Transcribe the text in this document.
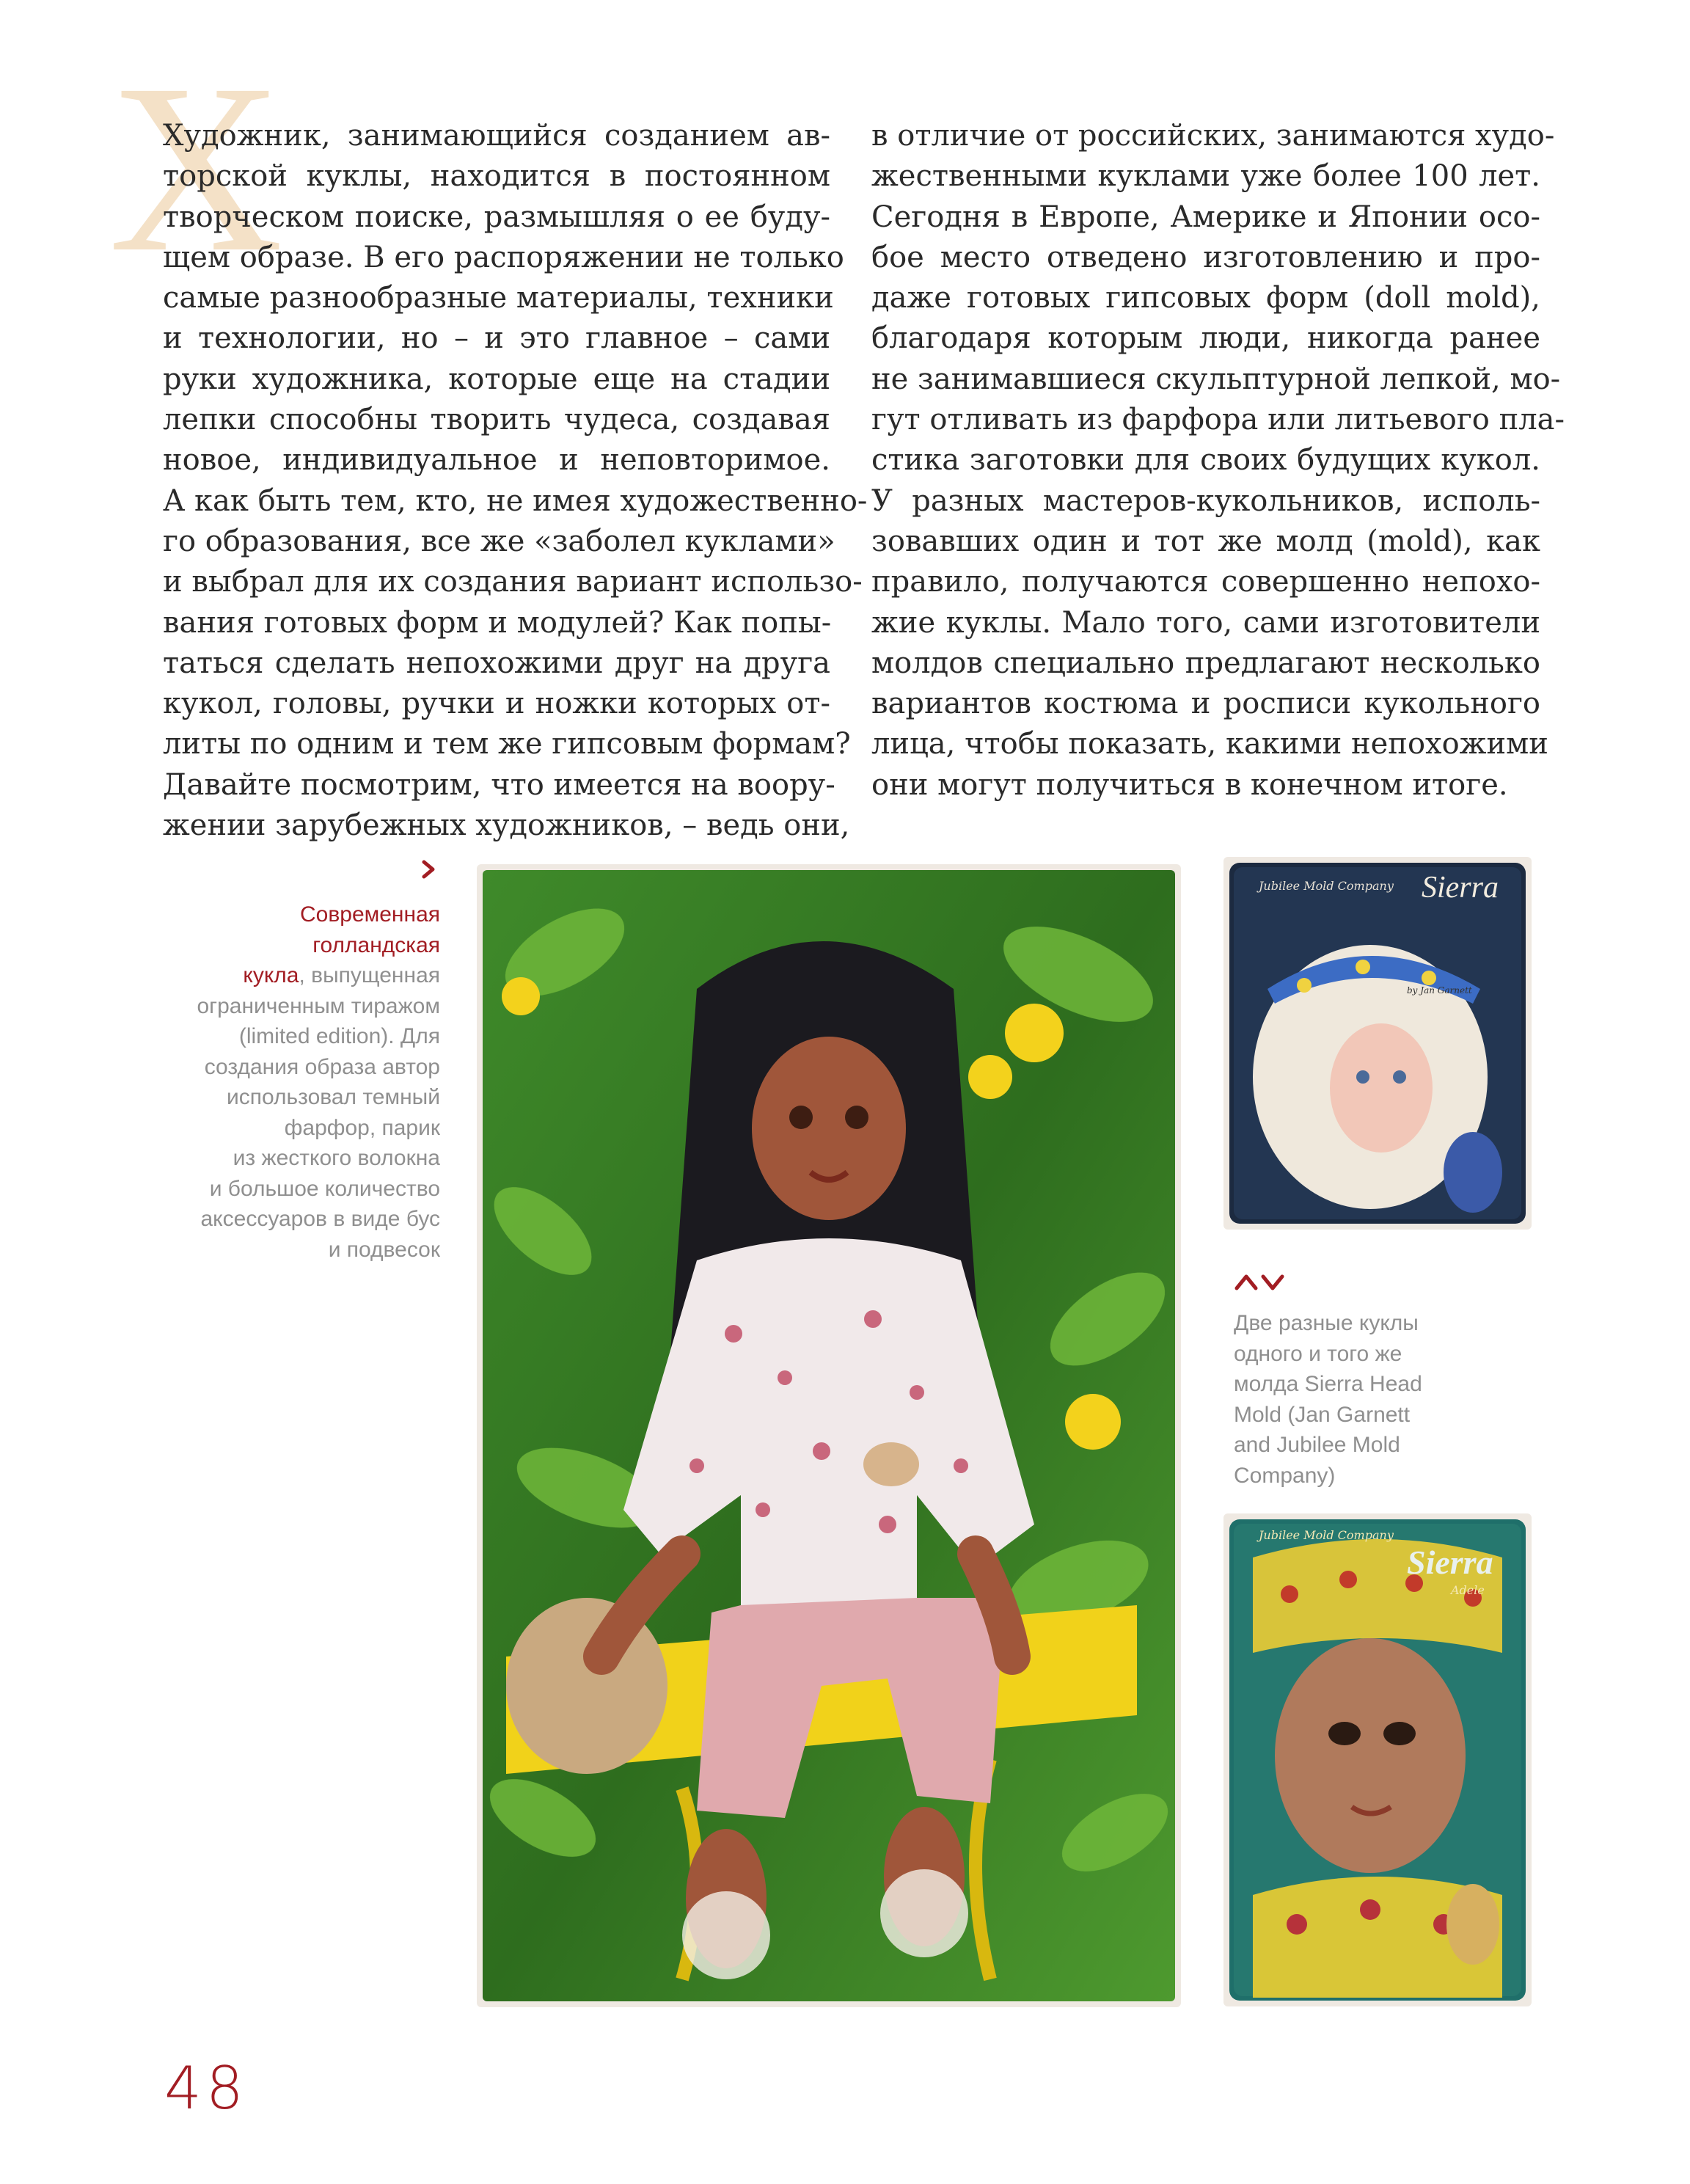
Х
Художник, занимающийся созданием ав-
торской куклы, находится в постоянном
творческом поиске, размышляя о ее буду-
щем образе. В его распоряжении не только
самые разнообразные материалы, техники
и технологии, но – и это главное – сами
руки художника, которые еще на стадии
лепки способны творить чудеса, создавая
новое, индивидуальное и неповторимое.
А как быть тем, кто, не имея художественно-
го образования, все же «заболел куклами»
и выбрал для их создания вариант использо-
вания готовых форм и модулей? Как попы-
таться сделать непохожими друг на друга
кукол, головы, ручки и ножки которых от-
литы по одним и тем же гипсовым формам?
Давайте посмотрим, что имеется на воору-
жении зарубежных художников, – ведь они,
в отличие от российских, занимаются худо-
жественными куклами уже более 100 лет.
Сегодня в Европе, Америке и Японии осо-
бое место отведено изготовлению и про-
даже готовых гипсовых форм (doll mold),
благодаря которым люди, никогда ранее
не занимавшиеся скульптурной лепкой, мо-
гут отливать из фарфора или литьевого пла-
стика заготовки для своих будущих кукол.
У разных мастеров-кукольников, исполь-
зовавших один и тот же молд (mold), как
правило, получаются совершенно непохо-
жие куклы. Мало того, сами изготовители
молдов специально предлагают несколько
вариантов костюма и росписи кукольного
лица, чтобы показать, какими непохожими
они могут получиться в конечном итоге.
Современная
голландская
кукла, выпущенная
ограниченным тиражом
(limited edition). Для
создания образа автор
использовал темный
фарфор, парик
из жесткого волокна
и большое количество
аксессуаров в виде бус
и подвесок
Jubilee Mold Company Sierra
by Jan Garnett
Две разные куклы
одного и того же
молда Sierra Head
Mold (Jan Garnett
and Jubilee Mold
Company)
Jubilee Mold Company
Sierra
Adele
48
